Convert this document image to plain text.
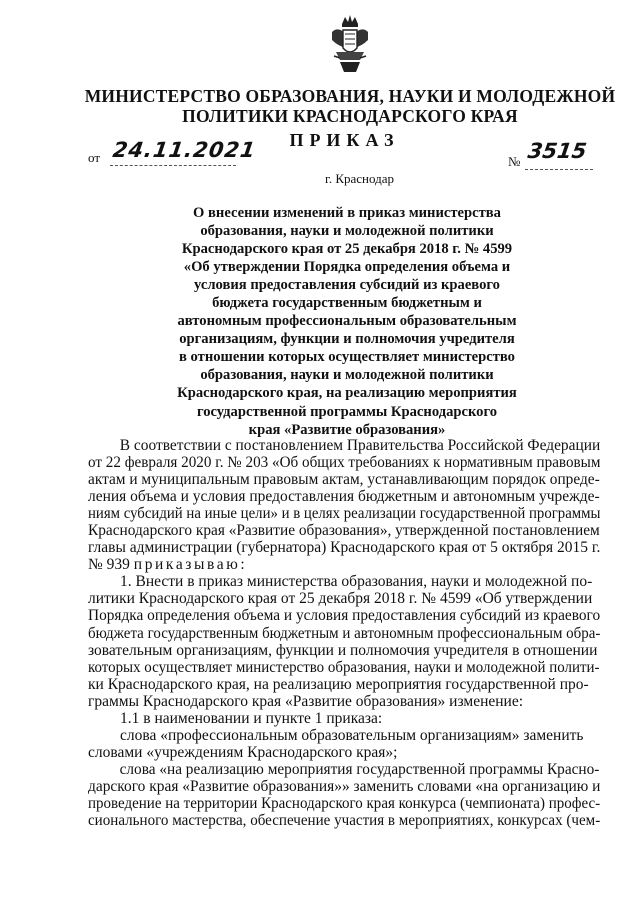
МИНИСТЕРСТВО ОБРАЗОВАНИЯ, НАУКИ И МОЛОДЕЖНОЙ
ПОЛИТИКИ КРАСНОДАРСКОГО КРАЯ
ПРИКАЗ
от 24.11.2021	№ 3515
г. Краснодар
О внесении изменений в приказ министерства
образования, науки и молодежной политики
Краснодарского края от 25 декабря 2018 г. № 4599
«Об утверждении Порядка определения объема и
условия предоставления субсидий из краевого
бюджета государственным бюджетным и
автономным профессиональным образовательным
организациям, функции и полномочия учредителя
в отношении которых осуществляет министерство
образования, науки и молодежной политики
Краснодарского края, на реализацию мероприятия
государственной программы Краснодарского
края «Развитие образования»
В соответствии с постановлением Правительства Российской Федерации
от 22 февраля 2020 г. № 203 «Об общих требованиях к нормативным правовым
актам и муниципальным правовым актам, устанавливающим порядок опреде-
ления объема и условия предоставления бюджетным и автономным учрежде-
ниям субсидий на иные цели» и в целях реализации государственной программы
Краснодарского края «Развитие образования», утвержденной постановлением
главы администрации (губернатора) Краснодарского края от 5 октября 2015 г.
№ 939 приказываю:
1. Внести в приказ министерства образования, науки и молодежной по-
литики Краснодарского края от 25 декабря 2018 г. № 4599 «Об утверждении
Порядка определения объема и условия предоставления субсидий из краевого
бюджета государственным бюджетным и автономным профессиональным обра-
зовательным организациям, функции и полномочия учредителя в отношении
которых осуществляет министерство образования, науки и молодежной полити-
ки Краснодарского края, на реализацию мероприятия государственной про-
граммы Краснодарского края «Развитие образования» изменение:
1.1 в наименовании и пункте 1 приказа:
слова «профессиональным образовательным организациям» заменить
словами «учреждениям Краснодарского края»;
слова «на реализацию мероприятия государственной программы Красно-
дарского края «Развитие образования»» заменить словами «на организацию и
проведение на территории Краснодарского края конкурса (чемпионата) профес-
сионального мастерства, обеспечение участия в мероприятиях, конкурсах (чем-
